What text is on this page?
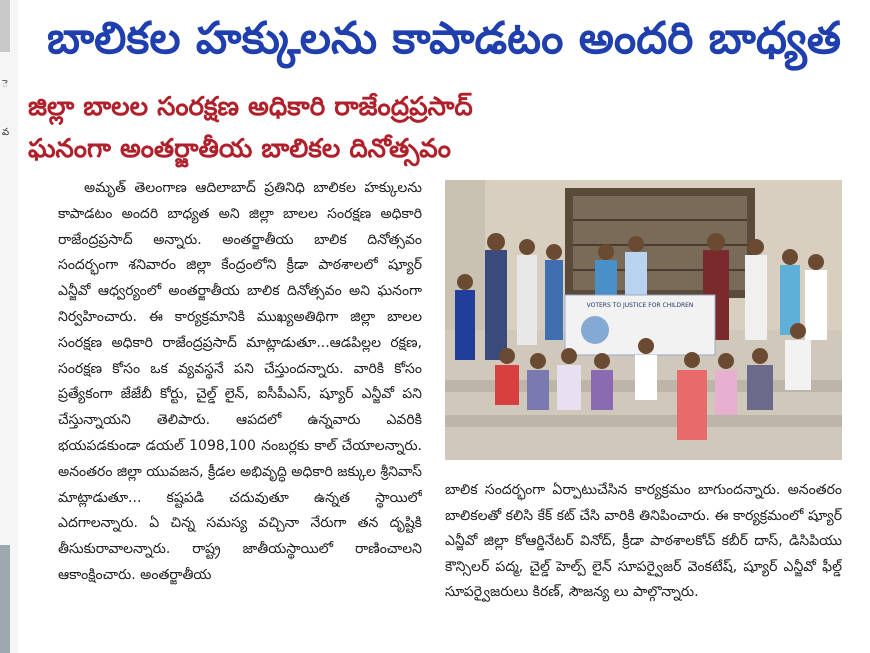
ె
వ
బాలికల హక్కులను కాపాడటం అందరి బాధ్యత
జిల్లా బాలల సంరక్షణ అధికారి రాజేంద్రప్రసాద్
ఘనంగా అంతర్జాతీయ బాలికల దినోత్సవం

అమృత్ తెలంగాణ ఆదిలాబాద్ ప్రతినిధి బాలికల హక్కులను కాపాడటం అందరి బాధ్యత అని జిల్లా బాలల సంరక్షణ అధికారి రాజేంద్రప్రసాద్ అన్నారు. అంతర్జాతీయ బాలిక దినోత్సవం సందర్భంగా శనివారం జిల్లా కేంద్రంలోని క్రీడా పాఠశాలలో ష్యూర్ ఎన్జీవో ఆధ్వర్యంలో అంతర్జాతీయ బాలిక దినోత్సవం అని ఘనంగా నిర్వహించారు. ఈ కార్యక్రమానికి ముఖ్యఅతిథిగా జిల్లా బాలల సంరక్షణ అధికారి రాజేంద్రప్రసాద్ మాట్లాడుతూ...ఆడపిల్లల రక్షణ, సంరక్షణ కోసం ఒక వ్యవస్థనే పని చేస్తుందన్నారు. వారికి కోసం ప్రత్యేకంగా జేజేబీ కోర్టు, చైల్డ్ లైన్, ఐసీపీఎస్, ష్యూర్ ఎన్జీవో పని చేస్తున్నాయని తెలిపారు. ఆపదలో ఉన్నవారు ఎవరికి భయపడకుండా డయల్ 1098,100 నంబర్లకు కాల్ చేయాలన్నారు. అనంతరం జిల్లా యువజన, క్రీడల అభివృద్ధి అధికారి జక్కుల శ్రీనివాస్ మాట్లాడుతూ... కష్టపడి చదువుతూ ఉన్నత స్థాయిలో ఎదగాలన్నారు. ఏ చిన్న సమస్య వచ్చినా నేరుగా తన దృష్టికి తీసుకురావాలన్నారు. రాష్ట్ర జాతీయస్థాయిలో రాణించాలని ఆకాంక్షించారు. అంతర్జాతీయ

VOTERS TO JUSTICE FOR CHILDREN

బాలిక సందర్భంగా ఏర్పాటుచేసిన కార్యక్రమం బాగుందన్నారు. అనంతరం బాలికలతో కలిసి కేక్ కట్ చేసి వారికి తినిపించారు. ఈ కార్యక్రమంలో ష్యూర్ ఎన్జీవో జిల్లా కోఆర్డినేటర్ వినోద్, క్రీడా పాఠశాలకోచ్ కబీర్ దాస్, డిసిపియు కౌన్సిలర్ పద్మ, చైల్డ్ హెల్ప్ లైన్ సూపర్వైజర్ వెంకటేష్, ష్యూర్ ఎన్జీవో ఫీల్డ్ సూపర్వైజరులు కిరణ్, సౌజన్య లు పాల్గొన్నారు.
